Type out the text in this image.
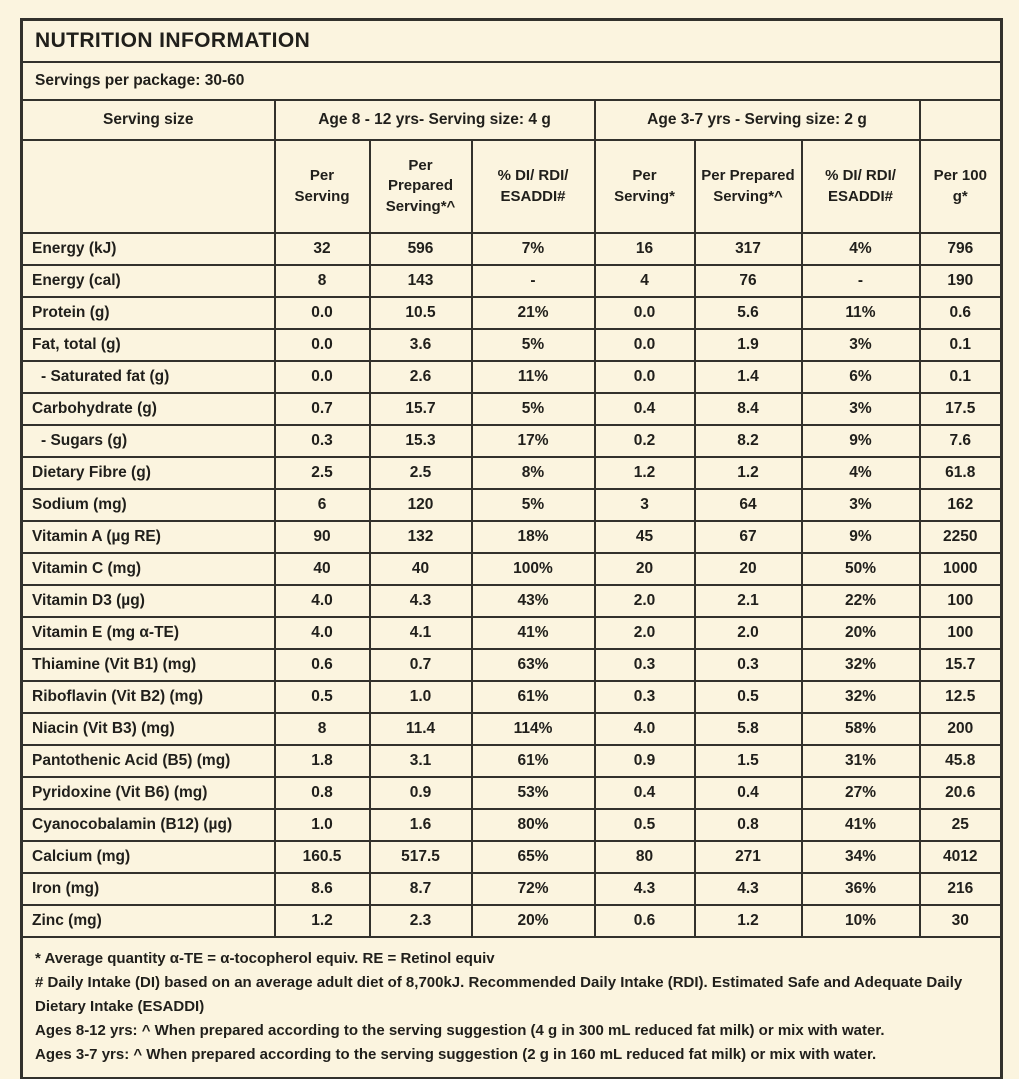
NUTRITION INFORMATION							
Servings per package: 30-60							
Serving size	Age 8 - 12 yrs- Serving size: 4 g			Age 3-7 yrs - Serving size: 2 g			
	Per Serving	Per Prepared Serving*^	% DI/ RDI/ ESADDI#	Per Serving*	Per Prepared Serving*^	% DI/ RDI/ ESADDI#	Per 100 g*
Energy (kJ)	32	596	7%	16	317	4%	796
Energy (cal)	8	143	-	4	76	-	190
Protein (g)	0.0	10.5	21%	0.0	5.6	11%	0.6
Fat, total (g)	0.0	3.6	5%	0.0	1.9	3%	0.1
- Saturated fat (g)	0.0	2.6	11%	0.0	1.4	6%	0.1
Carbohydrate (g)	0.7	15.7	5%	0.4	8.4	3%	17.5
- Sugars (g)	0.3	15.3	17%	0.2	8.2	9%	7.6
Dietary Fibre (g)	2.5	2.5	8%	1.2	1.2	4%	61.8
Sodium (mg)	6	120	5%	3	64	3%	162
Vitamin A (µg RE)	90	132	18%	45	67	9%	2250
Vitamin C (mg)	40	40	100%	20	20	50%	1000
Vitamin D3 (µg)	4.0	4.3	43%	2.0	2.1	22%	100
Vitamin E (mg α-TE)	4.0	4.1	41%	2.0	2.0	20%	100
Thiamine (Vit B1) (mg)	0.6	0.7	63%	0.3	0.3	32%	15.7
Riboflavin (Vit B2) (mg)	0.5	1.0	61%	0.3	0.5	32%	12.5
Niacin (Vit B3) (mg)	8	11.4	114%	4.0	5.8	58%	200
Pantothenic Acid (B5) (mg)	1.8	3.1	61%	0.9	1.5	31%	45.8
Pyridoxine (Vit B6) (mg)	0.8	0.9	53%	0.4	0.4	27%	20.6
Cyanocobalamin (B12) (µg)	1.0	1.6	80%	0.5	0.8	41%	25
Calcium (mg)	160.5	517.5	65%	80	271	34%	4012
Iron (mg)	8.6	8.7	72%	4.3	4.3	36%	216
Zinc (mg)	1.2	2.3	20%	0.6	1.2	10%	30

* Average quantity α-TE = α-tocopherol equiv. RE = Retinol equiv
# Daily Intake (DI) based on an average adult diet of 8,700kJ. Recommended Daily Intake (RDI). Estimated Safe and Adequate Daily Dietary Intake (ESADDI)
Ages 8-12 yrs: ^ When prepared according to the serving suggestion (4 g in 300 mL reduced fat milk) or mix with water.
Ages 3-7 yrs: ^ When prepared according to the serving suggestion (2 g in 160 mL reduced fat milk) or mix with water.							
